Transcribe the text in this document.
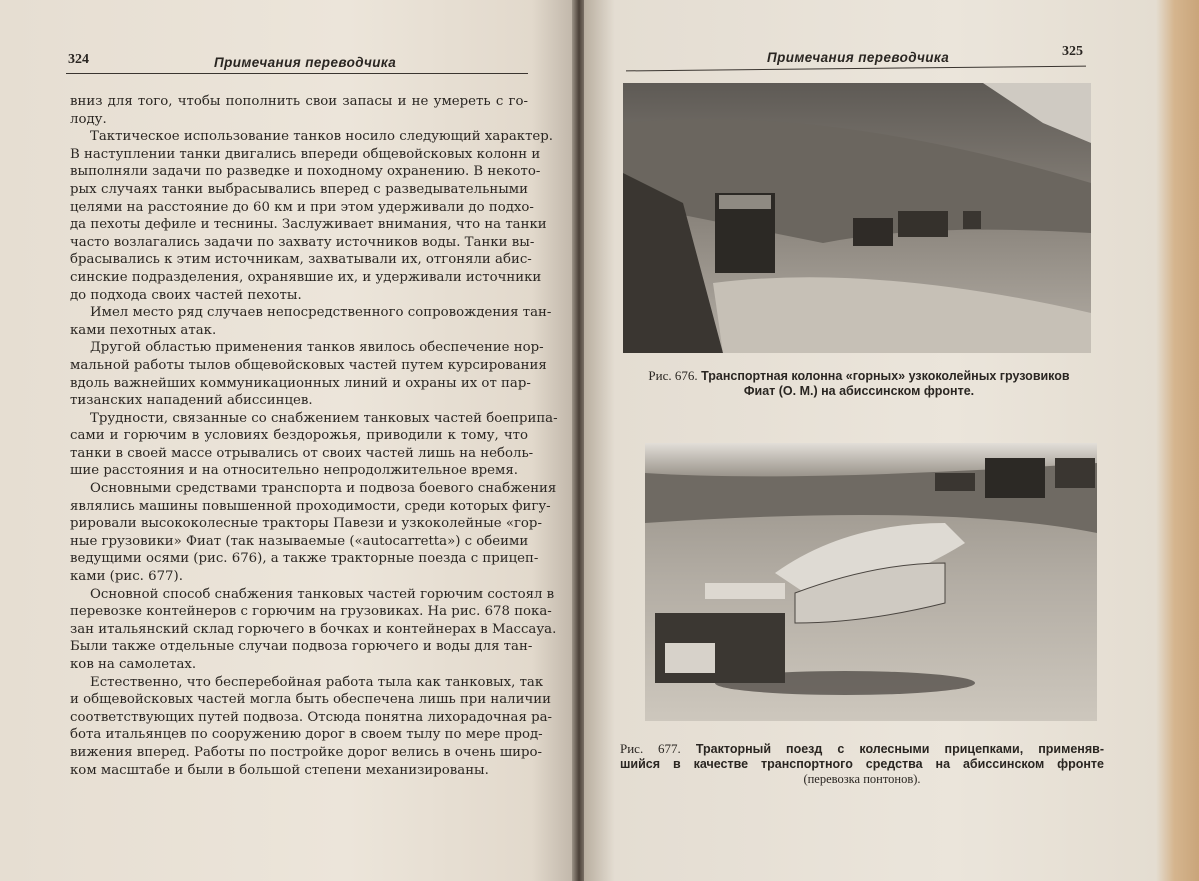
324	Примечания переводчика
вниз для того, чтобы пополнить свои запасы и не умереть с го-
лоду.
Тактическое использование танков носило следующий характер.
В наступлении танки двигались впереди общевойсковых колонн и
выполняли задачи по разведке и походному охранению. В некото-
рых случаях танки выбрасывались вперед с разведывательными
целями на расстояние до 60 км и при этом удерживали до подхо-
да пехоты дефиле и теснины. Заслуживает внимания, что на танки
часто возлагались задачи по захвату источников воды. Танки вы-
брасывались к этим источникам, захватывали их, отгоняли абис-
синские подразделения, охранявшие их, и удерживали источники
до подхода своих частей пехоты.
Имел место ряд случаев непосредственного сопровождения тан-
ками пехотных атак.
Другой областью применения танков явилось обеспечение нор-
мальной работы тылов общевойсковых частей путем курсирования
вдоль важнейших коммуникационных линий и охраны их от пар-
тизанских нападений абиссинцев.
Трудности, связанные со снабжением танковых частей боеприпа-
сами и горючим в условиях бездорожья, приводили к тому, что
танки в своей массе отрывались от своих частей лишь на неболь-
шие расстояния и на относительно непродолжительное время.
Основными средствами транспорта и подвоза боевого снабжения
являлись машины повышенной проходимости, среди которых фигу-
рировали высококолесные тракторы Павези и узкоколейные «гор-
ные грузовики» Фиат (так называемые («autocarretta») с обеими
ведущими осями (рис. 676), а также тракторные поезда с прицеп-
ками (рис. 677).
Основной способ снабжения танковых частей горючим состоял в
перевозке контейнеров с горючим на грузовиках. На рис. 678 пока-
зан итальянский склад горючего в бочках и контейнерах в Массауа.
Были также отдельные случаи подвоза горючего и воды для тан-
ков на самолетах.
Естественно, что бесперебойная работа тыла как танковых, так
и общевойсковых частей могла быть обеспечена лишь при наличии
соответствующих путей подвоза. Отсюда понятна лихорадочная ра-
бота итальянцев по сооружению дорог в своем тылу по мере прод-
вижения вперед. Работы по постройке дорог велись в очень широ-
ком масштабе и были в большой степени механизированы.
Примечания переводчика	325
Рис. 676. Транспортная колонна «горных» узкоколейных грузовиков
Фиат (О. М.) на абиссинском фронте.
Рис. 677. Тракторный поезд с колесными прицепками, применяв-
шийся в качестве транспортного средства на абиссинском фронте
(перевозка понтонов).
